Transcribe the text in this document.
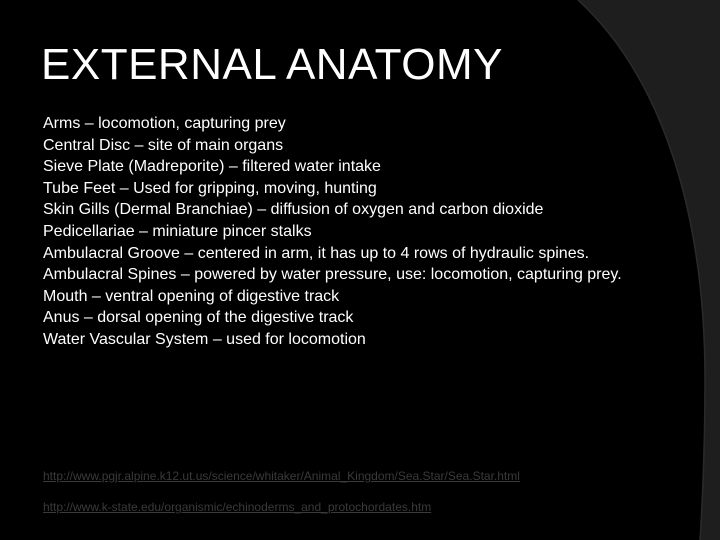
EXTERNAL ANATOMY
Arms – locomotion, capturing prey
Central Disc – site of main organs
Sieve Plate (Madreporite) – filtered water intake
Tube Feet – Used for gripping, moving, hunting
Skin Gills (Dermal Branchiae) – diffusion of oxygen and carbon dioxide
Pedicellariae – miniature pincer stalks
Ambulacral Groove – centered in arm, it has up to 4 rows of hydraulic spines.
Ambulacral Spines – powered by water pressure, use: locomotion, capturing prey.
Mouth – ventral opening of digestive track
Anus – dorsal opening of the digestive track
Water Vascular System – used for locomotion
http://www.pgjr.alpine.k12.ut.us/science/whitaker/Animal_Kingdom/Sea.Star/Sea.Star.html
http://www.k-state.edu/organismic/echinoderms_and_protochordates.htm
